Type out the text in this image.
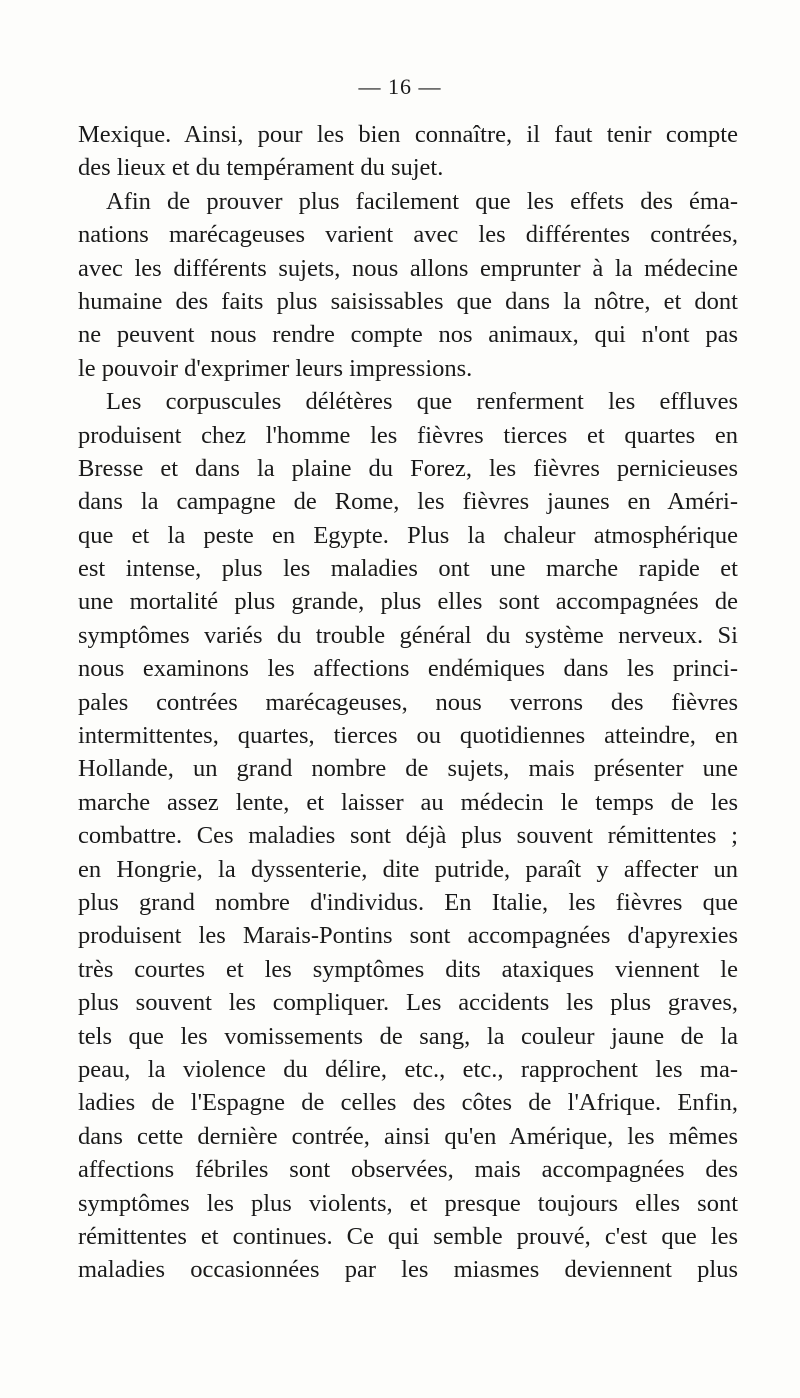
— 16 —
Mexique. Ainsi, pour les bien connaître, il faut tenir compte
des lieux et du tempérament du sujet.
Afin de prouver plus facilement que les effets des éma-
nations marécageuses varient avec les différentes contrées,
avec les différents sujets, nous allons emprunter à la médecine
humaine des faits plus saisissables que dans la nôtre, et dont
ne peuvent nous rendre compte nos animaux, qui n'ont pas
le pouvoir d'exprimer leurs impressions.
Les corpuscules délétères que renferment les effluves
produisent chez l'homme les fièvres tierces et quartes en
Bresse et dans la plaine du Forez, les fièvres pernicieuses
dans la campagne de Rome, les fièvres jaunes en Améri-
que et la peste en Egypte. Plus la chaleur atmosphérique
est intense, plus les maladies ont une marche rapide et
une mortalité plus grande, plus elles sont accompagnées de
symptômes variés du trouble général du système nerveux. Si
nous examinons les affections endémiques dans les princi-
pales contrées marécageuses, nous verrons des fièvres
intermittentes, quartes, tierces ou quotidiennes atteindre, en
Hollande, un grand nombre de sujets, mais présenter une
marche assez lente, et laisser au médecin le temps de les
combattre. Ces maladies sont déjà plus souvent rémittentes ;
en Hongrie, la dyssenterie, dite putride, paraît y affecter un
plus grand nombre d'individus. En Italie, les fièvres que
produisent les Marais-Pontins sont accompagnées d'apyrexies
très courtes et les symptômes dits ataxiques viennent le
plus souvent les compliquer. Les accidents les plus graves,
tels que les vomissements de sang, la couleur jaune de la
peau, la violence du délire, etc., etc., rapprochent les ma-
ladies de l'Espagne de celles des côtes de l'Afrique. Enfin,
dans cette dernière contrée, ainsi qu'en Amérique, les mêmes
affections fébriles sont observées, mais accompagnées des
symptômes les plus violents, et presque toujours elles sont
rémittentes et continues. Ce qui semble prouvé, c'est que les
maladies occasionnées par les miasmes deviennent plus
